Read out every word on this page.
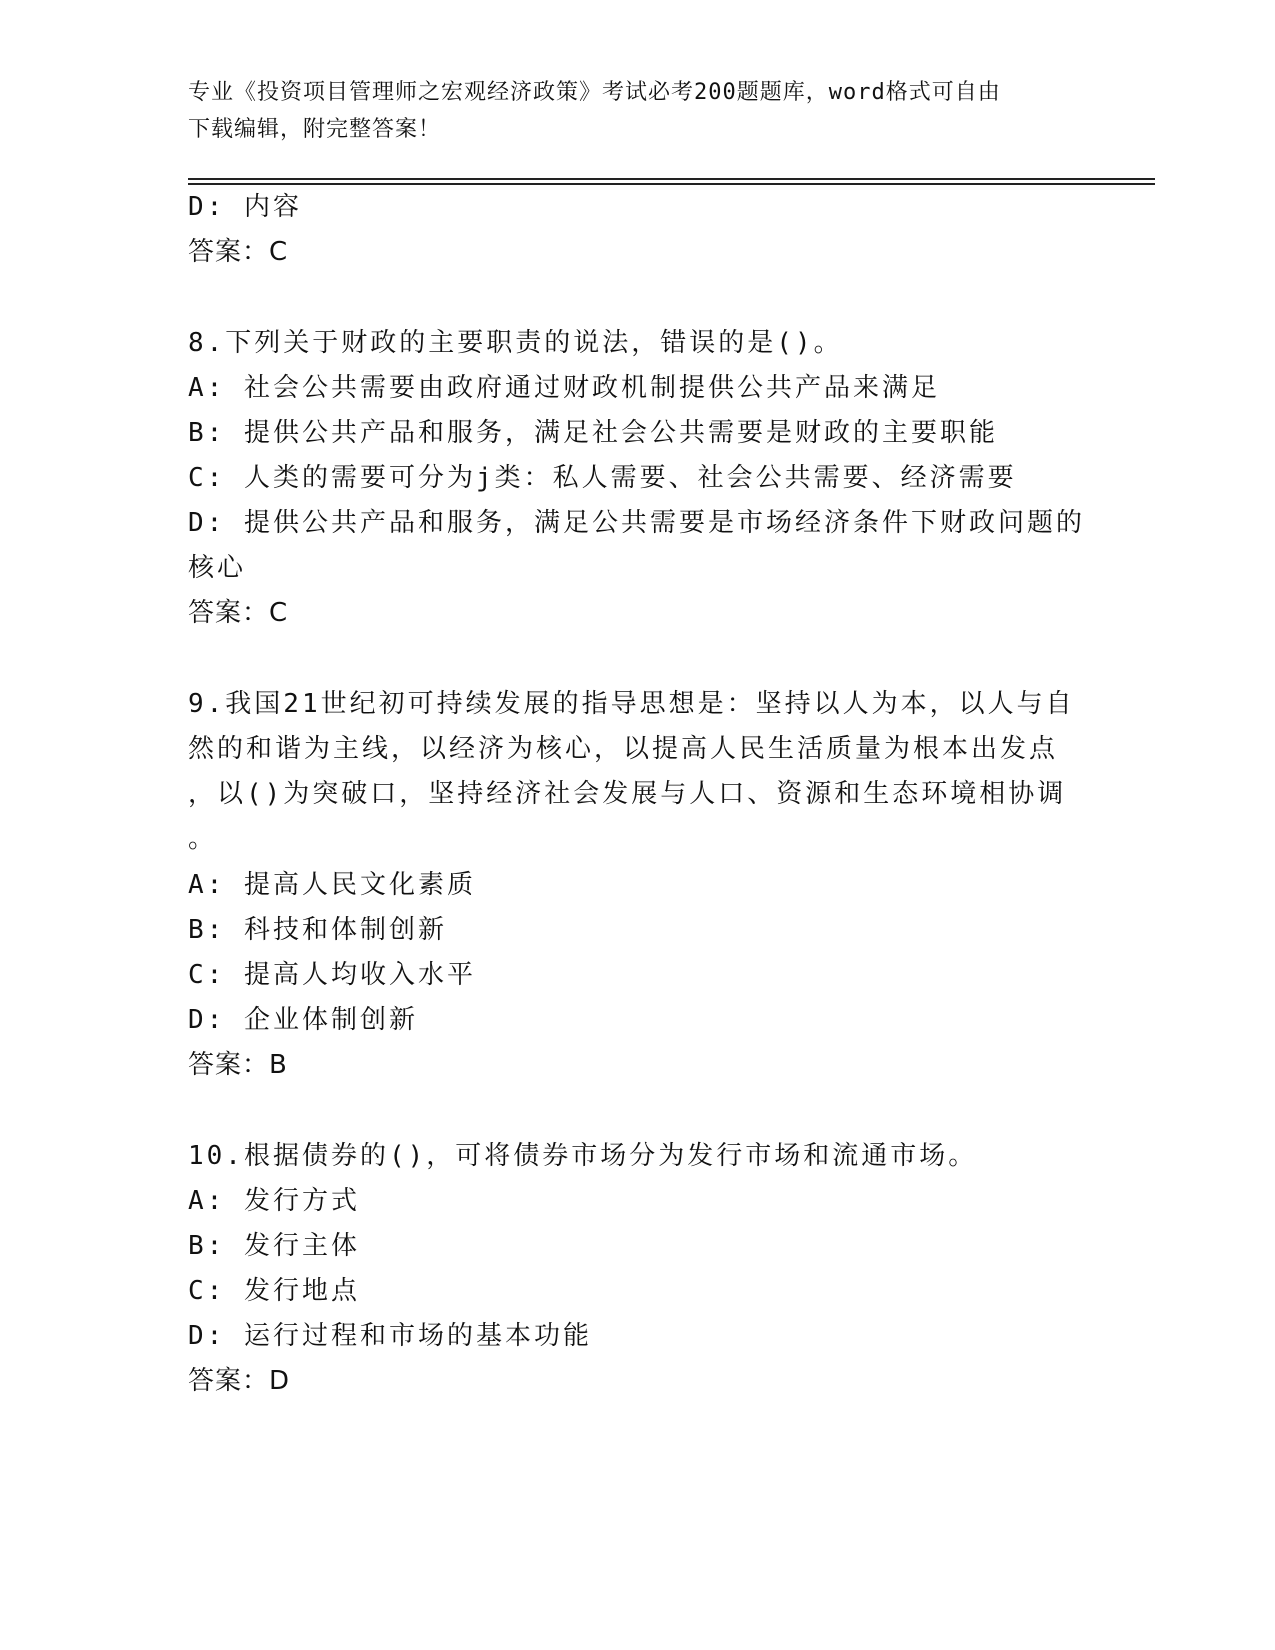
专业《投资项目管理师之宏观经济政策》考试必考200题题库，word格式可自由
下载编辑，附完整答案！
D: 内容
答案：C
8.下列关于财政的主要职责的说法，错误的是()。
A: 社会公共需要由政府通过财政机制提供公共产品来满足
B: 提供公共产品和服务，满足社会公共需要是财政的主要职能
C: 人类的需要可分为j类：私人需要、社会公共需要、经济需要
D: 提供公共产品和服务，满足公共需要是市场经济条件下财政问题的
核心
答案：C
9.我国21世纪初可持续发展的指导思想是：坚持以人为本，以人与自
然的和谐为主线，以经济为核心，以提高人民生活质量为根本出发点
，以()为突破口，坚持经济社会发展与人口、资源和生态环境相协调
。
A: 提高人民文化素质
B: 科技和体制创新
C: 提高人均收入水平
D: 企业体制创新
答案：B
10.根据债券的()，可将债券市场分为发行市场和流通市场。
A: 发行方式
B: 发行主体
C: 发行地点
D: 运行过程和市场的基本功能
答案：D
